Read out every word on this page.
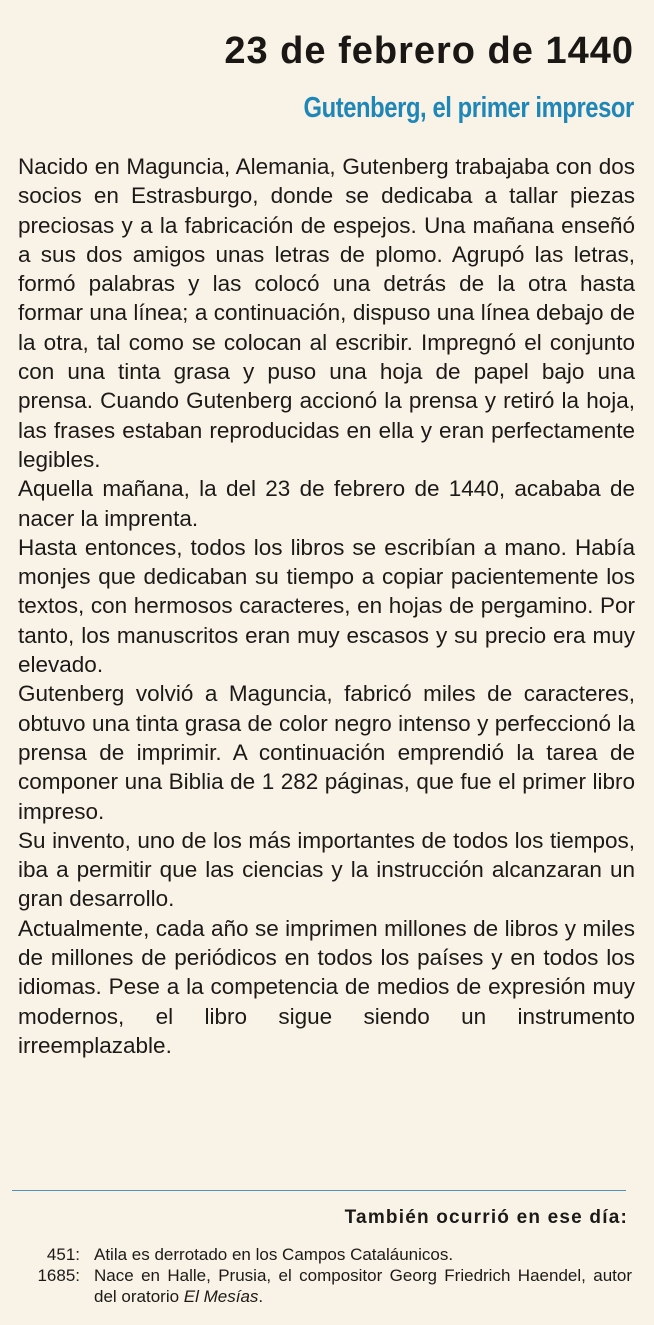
23 de febrero de 1440
Gutenberg, el primer impresor

Nacido en Maguncia, Alemania, Gutenberg trabajaba con dos socios en Estrasburgo, donde se dedicaba a tallar piezas preciosas y a la fabricación de espejos. Una mañana enseñó a sus dos amigos unas letras de plomo. Agrupó las letras, formó palabras y las colocó una detrás de la otra hasta formar una línea; a continuación, dispuso una línea debajo de la otra, tal como se colocan al escribir. Impregnó el conjunto con una tinta grasa y puso una hoja de papel bajo una prensa. Cuando Gutenberg accionó la prensa y retiró la hoja, las frases estaban reproducidas en ella y eran perfectamente legibles.

Aquella mañana, la del 23 de febrero de 1440, acababa de nacer la imprenta.

Hasta entonces, todos los libros se escribían a mano. Había monjes que dedicaban su tiempo a copiar pacientemente los textos, con hermosos caracteres, en hojas de pergamino. Por tanto, los manuscritos eran muy escasos y su precio era muy elevado.

Gutenberg volvió a Maguncia, fabricó miles de caracteres, obtuvo una tinta grasa de color negro intenso y perfeccionó la prensa de imprimir. A continuación emprendió la tarea de componer una Biblia de 1 282 páginas, que fue el primer libro impreso.

Su invento, uno de los más importantes de todos los tiempos, iba a permitir que las ciencias y la instrucción alcanzaran un gran desarrollo.

Actualmente, cada año se imprimen millones de libros y miles de millones de periódicos en todos los países y en todos los idiomas. Pese a la competencia de medios de expresión muy modernos, el libro sigue siendo un instrumento irreemplazable.

También ocurrió en ese día:
451: Atila es derrotado en los Campos Cataláunicos.
1685: Nace en Halle, Prusia, el compositor Georg Friedrich Haendel, autor del oratorio El Mesías.
